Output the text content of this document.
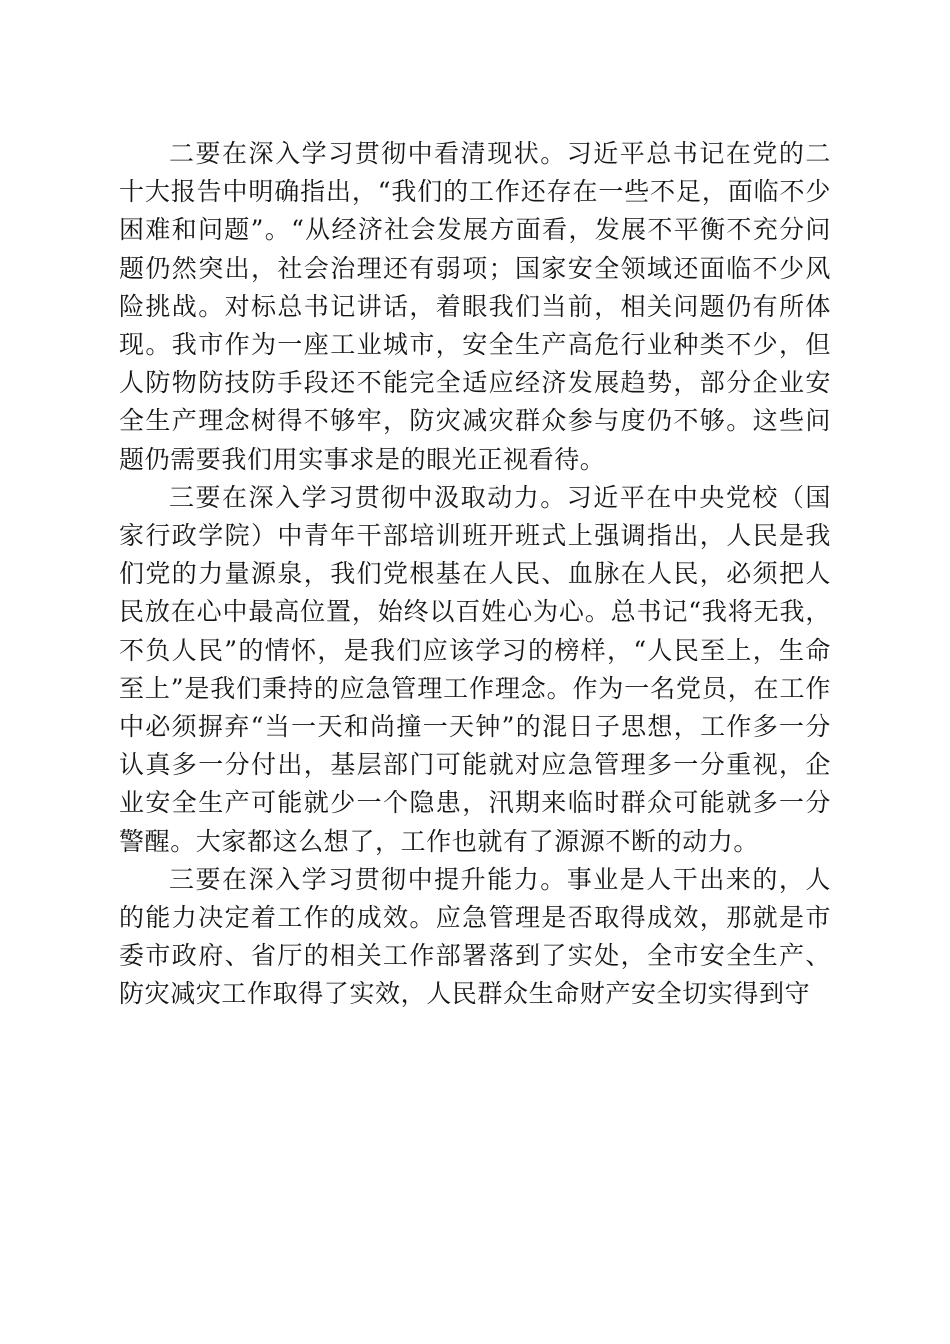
二要在深入学习贯彻中看清现状。习近平总书记在党的二十大报告中明确指出，“我们的工作还存在一些不足，面临不少困难和问题”。“从经济社会发展方面看，发展不平衡不充分问题仍然突出，社会治理还有弱项；国家安全领域还面临不少风险挑战。对标总书记讲话，着眼我们当前，相关问题仍有所体现。我市作为一座工业城市，安全生产高危行业种类不少，但人防物防技防手段还不能完全适应经济发展趋势，部分企业安全生产理念树得不够牢，防灾减灾群众参与度仍不够。这些问题仍需要我们用实事求是的眼光正视看待。

三要在深入学习贯彻中汲取动力。习近平在中央党校（国家行政学院）中青年干部培训班开班式上强调指出，人民是我们党的力量源泉，我们党根基在人民、血脉在人民，必须把人民放在心中最高位置，始终以百姓心为心。总书记“我将无我，不负人民”的情怀，是我们应该学习的榜样，“人民至上，生命至上”是我们秉持的应急管理工作理念。作为一名党员，在工作中必须摒弃“当一天和尚撞一天钟”的混日子思想，工作多一分认真多一分付出，基层部门可能就对应急管理多一分重视，企业安全生产可能就少一个隐患，汛期来临时群众可能就多一分警醒。大家都这么想了，工作也就有了源源不断的动力。

三要在深入学习贯彻中提升能力。事业是人干出来的，人的能力决定着工作的成效。应急管理是否取得成效，那就是市委市政府、省厅的相关工作部署落到了实处，全市安全生产、防灾减灾工作取得了实效，人民群众生命财产安全切实得到守
